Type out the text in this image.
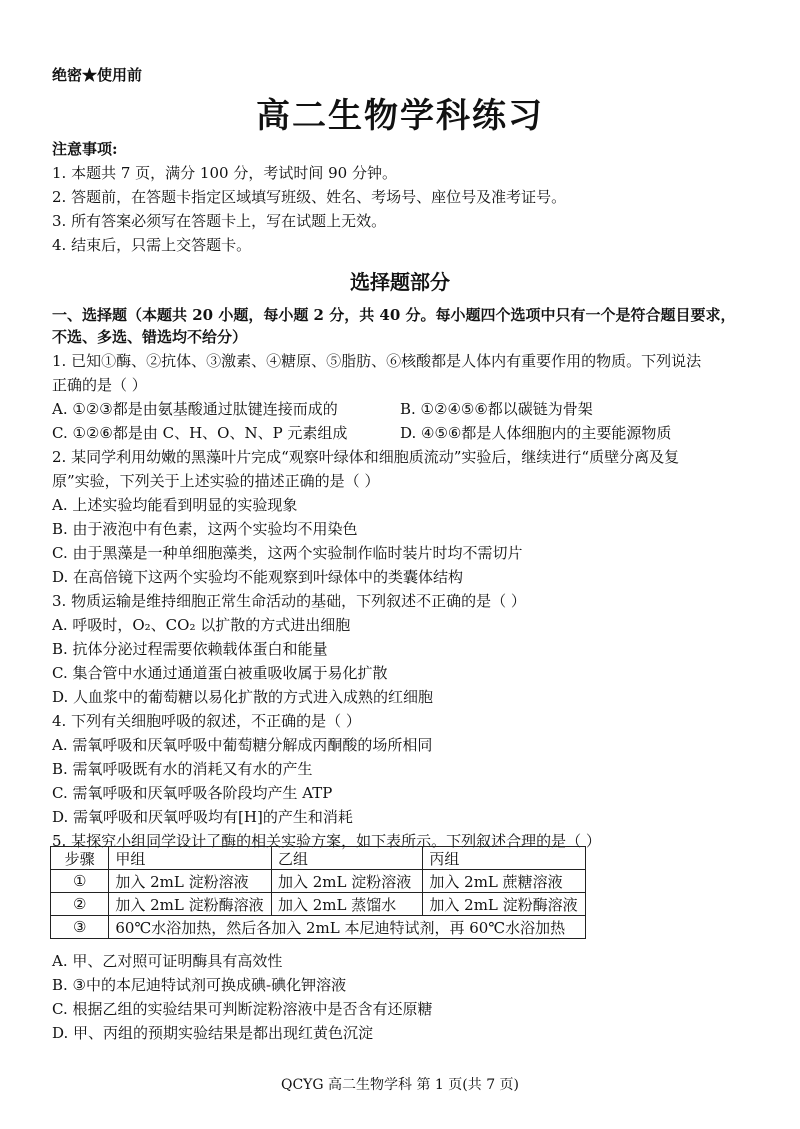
绝密★使用前
高二生物学科练习
注意事项:
1. 本题共 7 页，满分 100 分，考试时间 90 分钟。
2. 答题前，在答题卡指定区域填写班级、姓名、考场号、座位号及准考证号。
3. 所有答案必须写在答题卡上，写在试题上无效。
4. 结束后，只需上交答题卡。
选择题部分
一、选择题（本题共 20 小题，每小题 2 分，共 40 分。每小题四个选项中只有一个是符合题目要求，
不选、多选、错选均不给分）
1. 已知①酶、②抗体、③激素、④糖原、⑤脂肪、⑥核酸都是人体内有重要作用的物质。下列说法
正确的是（ ）
A. ①②③都是由氨基酸通过肽键连接而成的	B. ①②④⑤⑥都以碳链为骨架
C. ①②⑥都是由 C、H、O、N、P 元素组成	D. ④⑤⑥都是人体细胞内的主要能源物质
2. 某同学利用幼嫩的黑藻叶片完成“观察叶绿体和细胞质流动”实验后，继续进行“质壁分离及复
原”实验，下列关于上述实验的描述正确的是（ ）
A. 上述实验均能看到明显的实验现象
B. 由于液泡中有色素，这两个实验均不用染色
C. 由于黑藻是一种单细胞藻类，这两个实验制作临时装片时均不需切片
D. 在高倍镜下这两个实验均不能观察到叶绿体中的类囊体结构
3. 物质运输是维持细胞正常生命活动的基础，下列叙述不正确的是（ ）
A. 呼吸时，O₂、CO₂ 以扩散的方式进出细胞
B. 抗体分泌过程需要依赖载体蛋白和能量
C. 集合管中水通过通道蛋白被重吸收属于易化扩散
D. 人血浆中的葡萄糖以易化扩散的方式进入成熟的红细胞
4. 下列有关细胞呼吸的叙述，不正确的是（ ）
A. 需氧呼吸和厌氧呼吸中葡萄糖分解成丙酮酸的场所相同
B. 需氧呼吸既有水的消耗又有水的产生
C. 需氧呼吸和厌氧呼吸各阶段均产生 ATP
D. 需氧呼吸和厌氧呼吸均有[H]的产生和消耗
5. 某探究小组同学设计了酶的相关实验方案，如下表所示。下列叙述合理的是（ ）
步骤	甲组	乙组	丙组
①	加入 2mL 淀粉溶液	加入 2mL 淀粉溶液	加入 2mL 蔗糖溶液
②	加入 2mL 淀粉酶溶液	加入 2mL 蒸馏水	加入 2mL 淀粉酶溶液
③	60℃水浴加热，然后各加入 2mL 本尼迪特试剂，再 60℃水浴加热		
A. 甲、乙对照可证明酶具有高效性
B. ③中的本尼迪特试剂可换成碘-碘化钾溶液
C. 根据乙组的实验结果可判断淀粉溶液中是否含有还原糖
D. 甲、丙组的预期实验结果是都出现红黄色沉淀
QCYG 高二生物学科 第 1 页(共 7 页)
